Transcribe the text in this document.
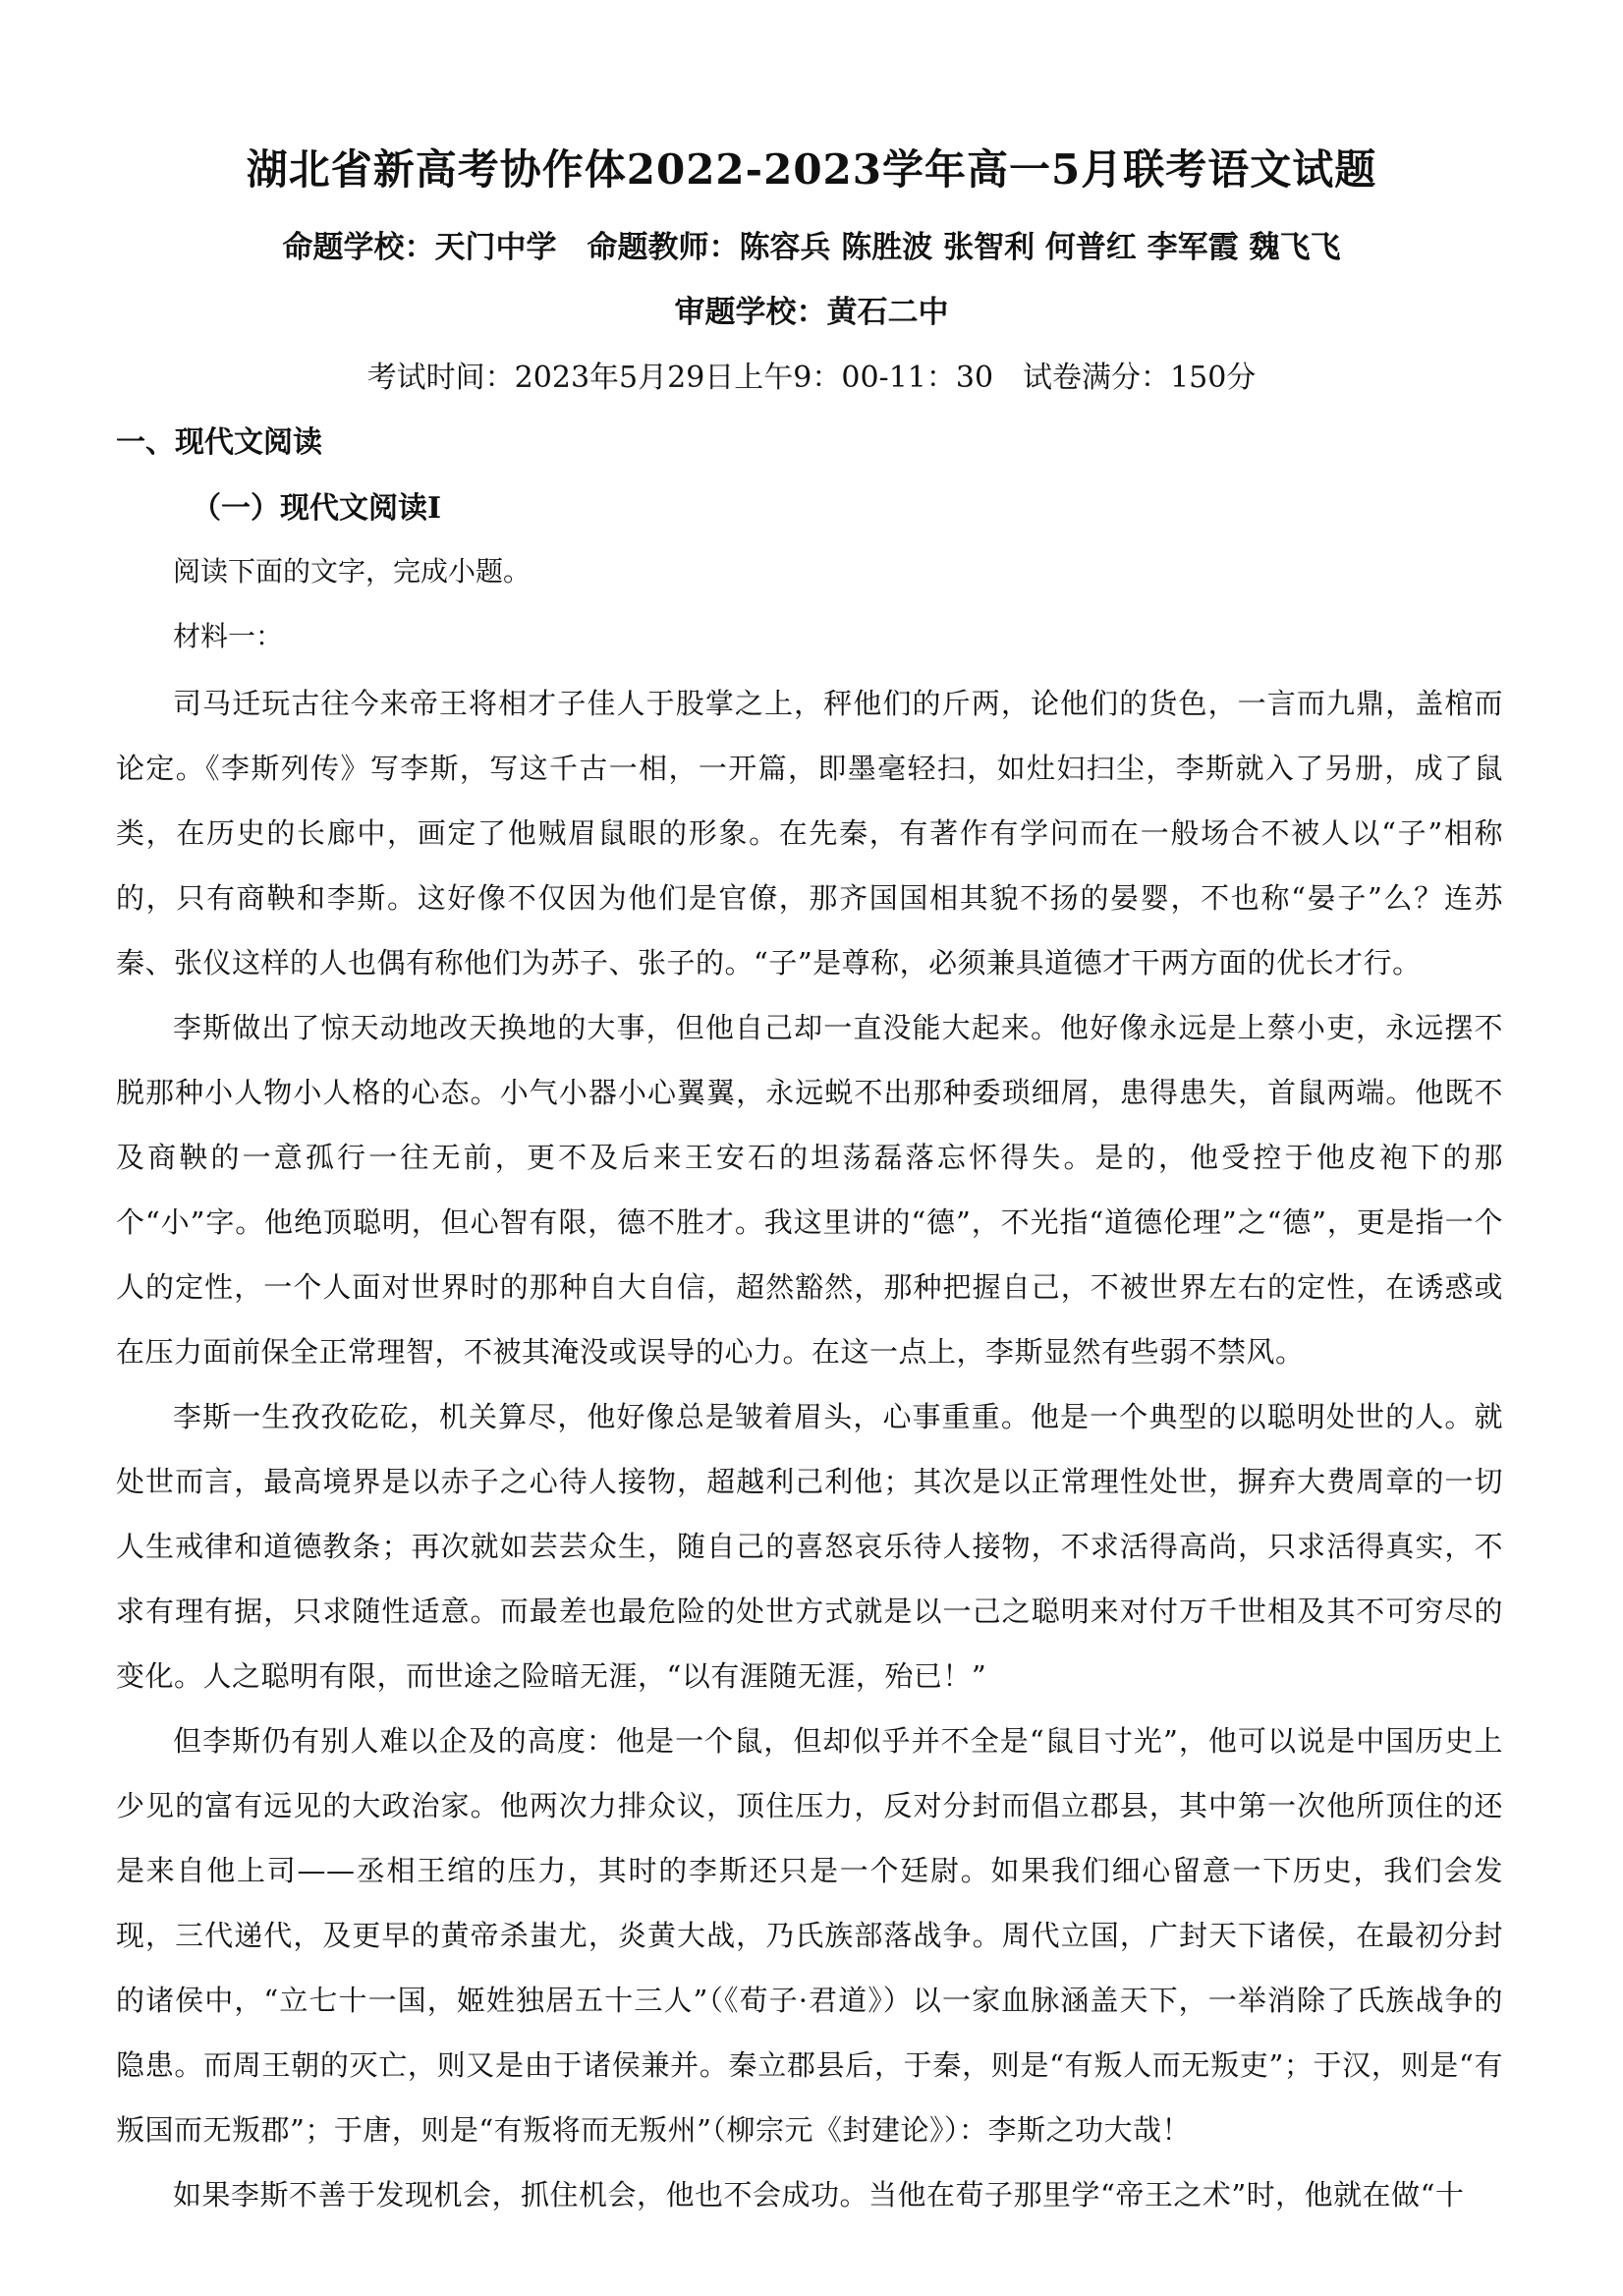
湖北省新高考协作体2022-2023学年高一5月联考语文试题
命题学校：天门中学　命题教师：陈容兵 陈胜波 张智利 何普红 李军霞 魏飞飞
审题学校：黄石二中
考试时间：2023年5月29日上午9：00-11：30　试卷满分：150分
一、现代文阅读
（一）现代文阅读Ⅰ
阅读下面的文字，完成小题。
材料一：

司马迁玩古往今来帝王将相才子佳人于股掌之上，秤他们的斤两，论他们的货色，一言而九鼎，盖棺而论定。《李斯列传》写李斯，写这千古一相，一开篇，即墨毫轻扫，如灶妇扫尘，李斯就入了另册，成了鼠类，在历史的长廊中，画定了他贼眉鼠眼的形象。在先秦，有著作有学问而在一般场合不被人以“子”相称的，只有商鞅和李斯。这好像不仅因为他们是官僚，那齐国国相其貌不扬的晏婴，不也称“晏子”么？连苏秦、张仪这样的人也偶有称他们为苏子、张子的。“子”是尊称，必须兼具道德才干两方面的优长才行。

李斯做出了惊天动地改天换地的大事，但他自己却一直没能大起来。他好像永远是上蔡小吏，永远摆不脱那种小人物小人格的心态。小气小器小心翼翼，永远蜕不出那种委琐细屑，患得患失，首鼠两端。他既不及商鞅的一意孤行一往无前，更不及后来王安石的坦荡磊落忘怀得失。是的，他受控于他皮袍下的那个“小”字。他绝顶聪明，但心智有限，德不胜才。我这里讲的“德”，不光指“道德伦理”之“德”，更是指一个人的定性，一个人面对世界时的那种自大自信，超然豁然，那种把握自己，不被世界左右的定性，在诱惑或在压力面前保全正常理智，不被其淹没或误导的心力。在这一点上，李斯显然有些弱不禁风。

李斯一生孜孜矻矻，机关算尽，他好像总是皱着眉头，心事重重。他是一个典型的以聪明处世的人。就处世而言，最高境界是以赤子之心待人接物，超越利己利他；其次是以正常理性处世，摒弃大费周章的一切人生戒律和道德教条；再次就如芸芸众生，随自己的喜怒哀乐待人接物，不求活得高尚，只求活得真实，不求有理有据，只求随性适意。而最差也最危险的处世方式就是以一己之聪明来对付万千世相及其不可穷尽的变化。人之聪明有限，而世途之险暗无涯，“以有涯随无涯，殆已！”

但李斯仍有别人难以企及的高度：他是一个鼠，但却似乎并不全是“鼠目寸光”，他可以说是中国历史上少见的富有远见的大政治家。他两次力排众议，顶住压力，反对分封而倡立郡县，其中第一次他所顶住的还是来自他上司——丞相王绾的压力，其时的李斯还只是一个廷尉。如果我们细心留意一下历史，我们会发现，三代递代，及更早的黄帝杀蚩尤，炎黄大战，乃氏族部落战争。周代立国，广封天下诸侯，在最初分封的诸侯中，“立七十一国，姬姓独居五十三人”（《荀子·君道》）以一家血脉涵盖天下，一举消除了氏族战争的隐患。而周王朝的灭亡，则又是由于诸侯兼并。秦立郡县后，于秦，则是“有叛人而无叛吏”；于汉，则是“有叛国而无叛郡”；于唐，则是“有叛将而无叛州”（柳宗元《封建论》）：李斯之功大哉！

如果李斯不善于发现机会，抓住机会，他也不会成功。当他在荀子那里学“帝王之术”时，他就在做“十
